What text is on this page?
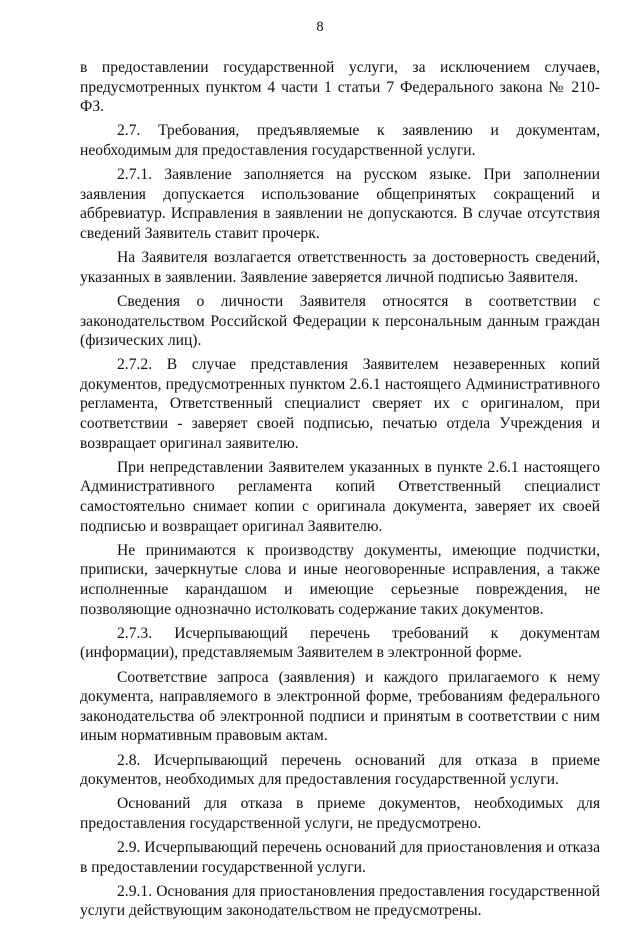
8

в предоставлении государственной услуги, за исключением случаев, предусмотренных пунктом 4 части 1 статьи 7 Федерального закона № 210-ФЗ.

2.7. Требования, предъявляемые к заявлению и документам, необходимым для предоставления государственной услуги.

2.7.1. Заявление заполняется на русском языке. При заполнении заявления допускается использование общепринятых сокращений и аббревиатур. Исправления в заявлении не допускаются. В случае отсутствия сведений Заявитель ставит прочерк.

На Заявителя возлагается ответственность за достоверность сведений, указанных в заявлении. Заявление заверяется личной подписью Заявителя.

Сведения о личности Заявителя относятся в соответствии с законодательством Российской Федерации к персональным данным граждан (физических лиц).

2.7.2. В случае представления Заявителем незаверенных копий документов, предусмотренных пунктом 2.6.1 настоящего Административного регламента, Ответственный специалист сверяет их с оригиналом, при соответствии - заверяет своей подписью, печатью отдела Учреждения и возвращает оригинал заявителю.

При непредставлении Заявителем указанных в пункте 2.6.1 настоящего Административного регламента копий Ответственный специалист самостоятельно снимает копии с оригинала документа, заверяет их своей подписью и возвращает оригинал Заявителю.

Не принимаются к производству документы, имеющие подчистки, приписки, зачеркнутые слова и иные неоговоренные исправления, а также исполненные карандашом и имеющие серьезные повреждения, не позволяющие однозначно истолковать содержание таких документов.

2.7.3. Исчерпывающий перечень требований к документам (информации), представляемым Заявителем в электронной форме.

Соответствие запроса (заявления) и каждого прилагаемого к нему документа, направляемого в электронной форме, требованиям федерального законодательства об электронной подписи и принятым в соответствии с ним иным нормативным правовым актам.

2.8. Исчерпывающий перечень оснований для отказа в приеме документов, необходимых для предоставления государственной услуги.

Оснований для отказа в приеме документов, необходимых для предоставления государственной услуги, не предусмотрено.

2.9. Исчерпывающий перечень оснований для приостановления и отказа в предоставлении государственной услуги.

2.9.1. Основания для приостановления предоставления государственной услуги действующим законодательством не предусмотрены.
